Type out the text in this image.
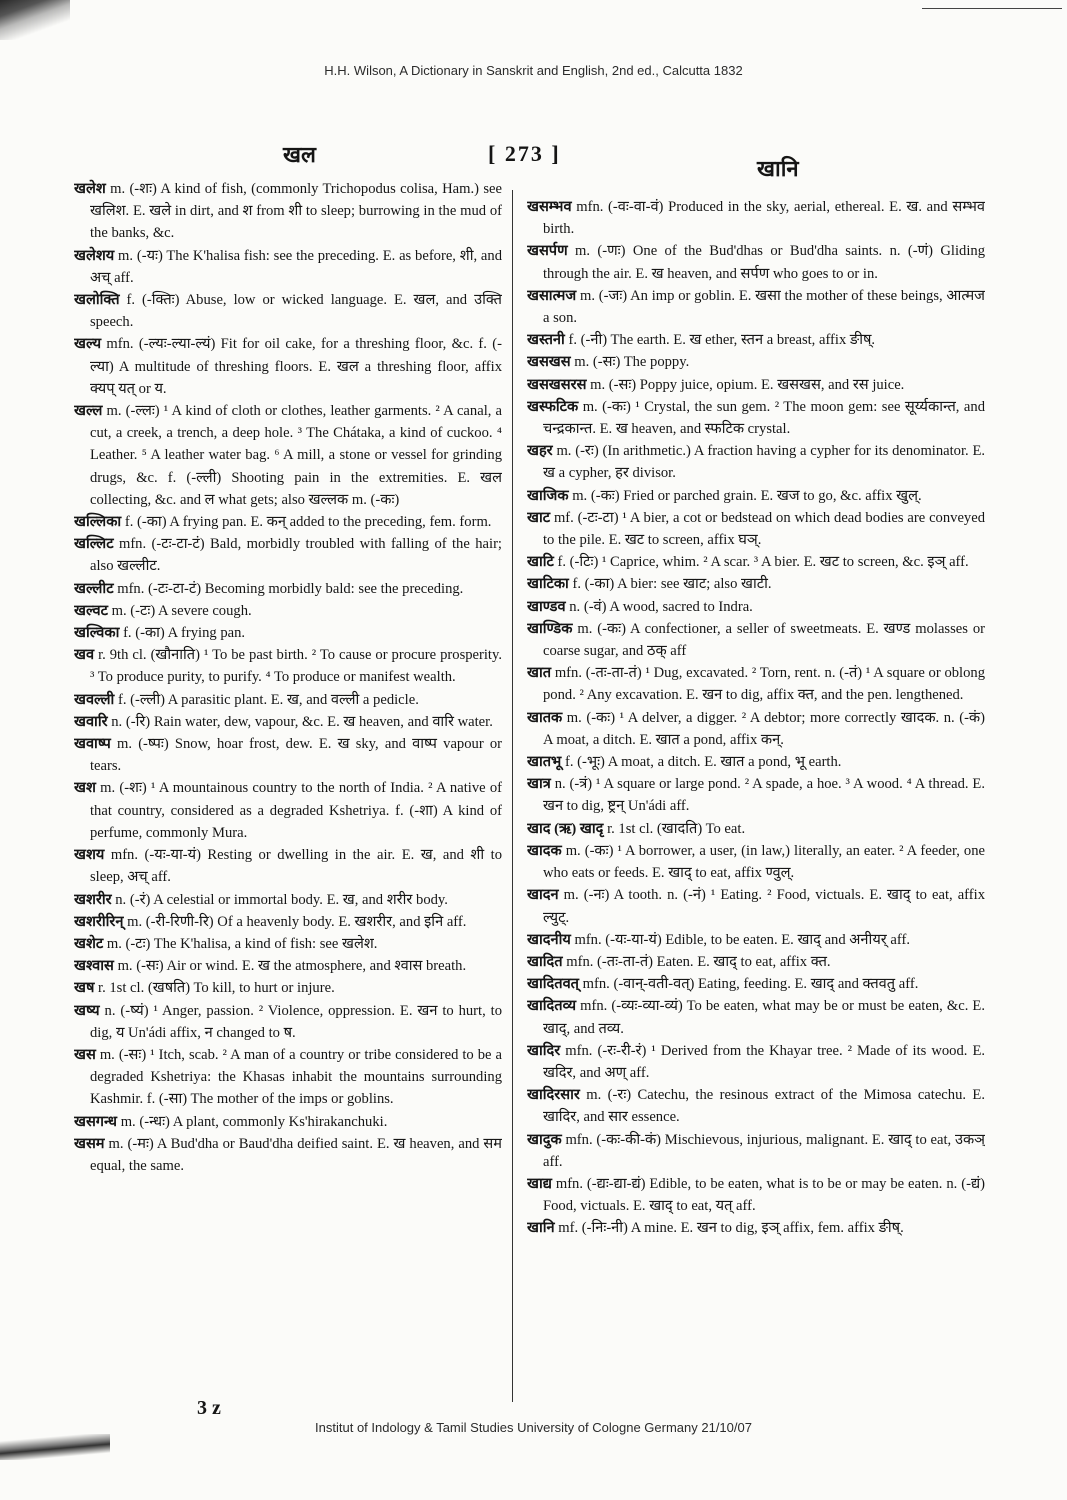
H.H. Wilson, A Dictionary in Sanskrit and English, 2nd ed., Calcutta 1832
खल	[ 273 ]
खानि

खलेश m. (-शः) A kind of fish, (commonly Trichopodus colisa, Ham.) see खलिश. E. खले in dirt, and श from शी to sleep; burrowing in the mud of the banks, &c.

खलेशय m. (-यः) The K'halisa fish: see the preceding. E. as before, शी, and अच् aff.

खलोक्ति f. (-क्तिः) Abuse, low or wicked language. E. खल, and उक्ति speech.

खल्य mfn. (-ल्यः-ल्या-ल्यं) Fit for oil cake, for a threshing floor, &c. f. (-ल्या) A multitude of threshing floors. E. खल a threshing floor, affix क्यप् यत् or य.

खल्ल m. (-ल्लः) ¹ A kind of cloth or clothes, leather garments. ² A canal, a cut, a creek, a trench, a deep hole. ³ The Chátaka, a kind of cuckoo. ⁴ Leather. ⁵ A leather water bag. ⁶ A mill, a stone or vessel for grinding drugs, &c. f. (-ल्ली) Shooting pain in the extremities. E. खल collecting, &c. and ल what gets; also खल्लक m. (-कः)

खल्लिका f. (-का) A frying pan. E. कन् added to the preceding, fem. form.

खल्लिट mfn. (-टः-टा-टं) Bald, morbidly troubled with falling of the hair; also खल्लीट.

खल्लीट mfn. (-टः-टा-टं) Becoming morbidly bald: see the preceding.

खल्वट m. (-टः) A severe cough.

खल्विका f. (-का) A frying pan.

खव r. 9th cl. (खौनाति) ¹ To be past birth. ² To cause or procure prosperity. ³ To produce purity, to purify. ⁴ To produce or manifest wealth.

खवल्ली f. (-ल्ली) A parasitic plant. E. ख, and वल्ली a pedicle.

खवारि n. (-रि) Rain water, dew, vapour, &c. E. ख heaven, and वारि water.

खवाष्प m. (-ष्पः) Snow, hoar frost, dew. E. ख sky, and वाष्प vapour or tears.

खश m. (-शः) ¹ A mountainous country to the north of India. ² A native of that country, considered as a degraded Kshetriya. f. (-शा) A kind of perfume, commonly Mura.

खशय mfn. (-यः-या-यं) Resting or dwelling in the air. E. ख, and शी to sleep, अच् aff.

खशरीर n. (-रं) A celestial or immortal body. E. ख, and शरीर body.

खशरीरिन् m. (-री-रिणी-रि) Of a heavenly body. E. खशरीर, and इनि aff.

खशेट m. (-टः) The K'halisa, a kind of fish: see खलेश.

खश्वास m. (-सः) Air or wind. E. ख the atmosphere, and श्वास breath.

खष r. 1st cl. (खषति) To kill, to hurt or injure.

खष्य n. (-ष्यं) ¹ Anger, passion. ² Violence, oppression. E. खन to hurt, to dig, य Un'ádi affix, न changed to ष.

खस m. (-सः) ¹ Itch, scab. ² A man of a country or tribe considered to be a degraded Kshetriya: the Khasas inhabit the mountains surrounding Kashmir. f. (-सा) The mother of the imps or goblins.

खसगन्ध m. (-न्धः) A plant, commonly Ks'hirakanchuki.

खसम m. (-मः) A Bud'dha or Baud'dha deified saint. E. ख heaven, and सम equal, the same.

खसम्भव mfn. (-वः-वा-वं) Produced in the sky, aerial, ethereal. E. ख. and सम्भव birth.

खसर्पण m. (-णः) One of the Bud'dhas or Bud'dha saints. n. (-णं) Gliding through the air. E. ख heaven, and सर्पण who goes to or in.

खसात्मज m. (-जः) An imp or goblin. E. खसा the mother of these beings, आत्मज a son.

खस्तनी f. (-नी) The earth. E. ख ether, स्तन a breast, affix ङीष्.

खसखस m. (-सः) The poppy.

खसखसरस m. (-सः) Poppy juice, opium. E. खसखस, and रस juice.

खस्फटिक m. (-कः) ¹ Crystal, the sun gem. ² The moon gem: see सूर्य्यकान्त, and चन्द्रकान्त. E. ख heaven, and स्फटिक crystal.

खहर m. (-रः) (In arithmetic.) A fraction having a cypher for its denominator. E. ख a cypher, हर divisor.

खाजिक m. (-कः) Fried or parched grain. E. खज to go, &c. affix खुल्.

खाट mf. (-टः-टा) ¹ A bier, a cot or bedstead on which dead bodies are conveyed to the pile. E. खट to screen, affix घञ्.

खाटि f. (-टिः) ¹ Caprice, whim. ² A scar. ³ A bier. E. खट to screen, &c. इञ् aff.

खाटिका f. (-का) A bier: see खाट; also खाटी.

खाण्डव n. (-वं) A wood, sacred to Indra.

खाण्डिक m. (-कः) A confectioner, a seller of sweetmeats. E. खण्ड molasses or coarse sugar, and ठक् aff

खात mfn. (-तः-ता-तं) ¹ Dug, excavated. ² Torn, rent. n. (-तं) ¹ A square or oblong pond. ² Any excavation. E. खन to dig, affix क्त, and the pen. lengthened.

खातक m. (-कः) ¹ A delver, a digger. ² A debtor; more correctly खादक. n. (-कं) A moat, a ditch. E. खात a pond, affix कन्.

खातभू f. (-भूः) A moat, a ditch. E. खात a pond, भू earth.

खात्र n. (-त्रं) ¹ A square or large pond. ² A spade, a hoe. ³ A wood. ⁴ A thread. E. खन to dig, ष्ट्रन् Un'ádi aff.

खाद (ऋ) खादृ r. 1st cl. (खादति) To eat.

खादक m. (-कः) ¹ A borrower, a user, (in law,) literally, an eater. ² A feeder, one who eats or feeds. E. खाद् to eat, affix ण्वुल्.

खादन m. (-नः) A tooth. n. (-नं) ¹ Eating. ² Food, victuals. E. खाद् to eat, affix ल्युट्.

खादनीय mfn. (-यः-या-यं) Edible, to be eaten. E. खाद् and अनीयर् aff.

खादित mfn. (-तः-ता-तं) Eaten. E. खाद् to eat, affix क्त.

खादितवत् mfn. (-वान्-वती-वत्) Eating, feeding. E. खाद् and क्तवतु aff.

खादितव्य mfn. (-व्यः-व्या-व्यं) To be eaten, what may be or must be eaten, &c. E. खाद्, and तव्य.

खादिर mfn. (-रः-री-रं) ¹ Derived from the Khayar tree. ² Made of its wood. E. खदिर, and अण् aff.

खादिरसार m. (-रः) Catechu, the resinous extract of the Mimosa catechu. E. खादिर, and सार essence.

खादुक mfn. (-कः-की-कं) Mischievous, injurious, malignant. E. खाद् to eat, उकञ् aff.

खाद्य mfn. (-द्यः-द्या-द्यं) Edible, to be eaten, what is to be or may be eaten. n. (-द्यं) Food, victuals. E. खाद् to eat, यत् aff.

खानि mf. (-निः-नी) A mine. E. खन to dig, इञ् affix, fem. affix ङीष्.

3 z
Institut of Indology & Tamil Studies University of Cologne Germany 21/10/07
